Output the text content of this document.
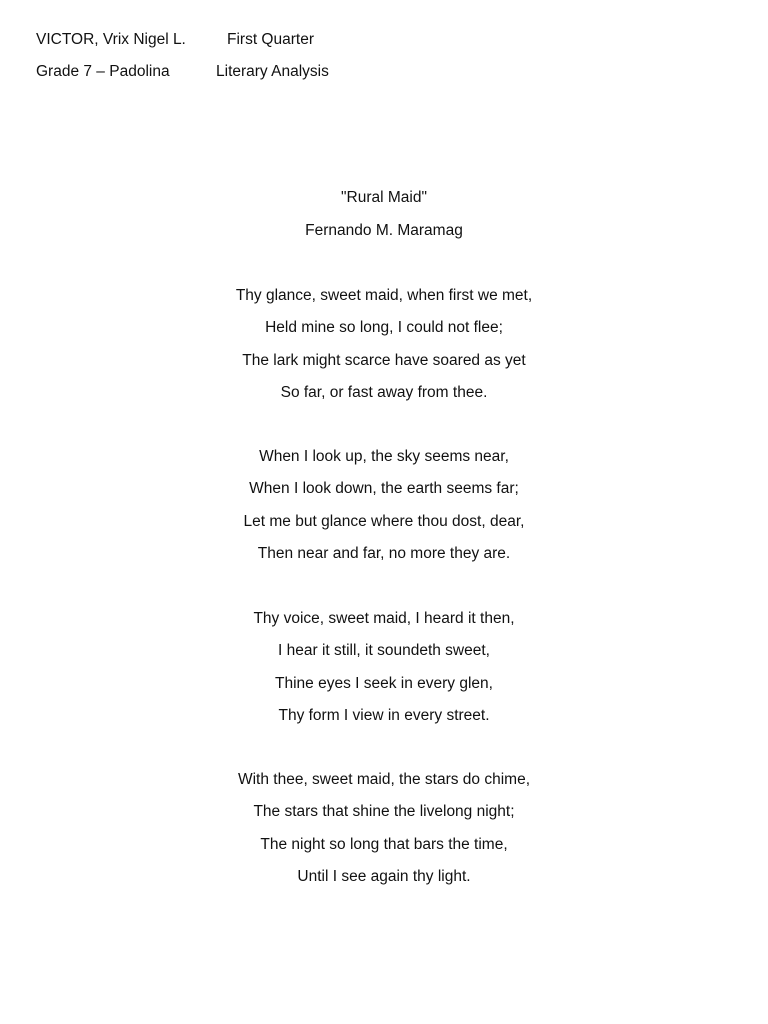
VICTOR, Vrix Nigel L.	First Quarter
Grade 7 – Padolina	Literary Analysis
"Rural Maid"
Fernando M. Maramag
Thy glance, sweet maid, when first we met,
Held mine so long, I could not flee;
The lark might scarce have soared as yet
So far, or fast away from thee.
When I look up, the sky seems near,
When I look down, the earth seems far;
Let me but glance where thou dost, dear,
Then near and far, no more they are.
Thy voice, sweet maid, I heard it then,
I hear it still, it soundeth sweet,
Thine eyes I seek in every glen,
Thy form I view in every street.
With thee, sweet maid, the stars do chime,
The stars that shine the livelong night;
The night so long that bars the time,
Until I see again thy light.
